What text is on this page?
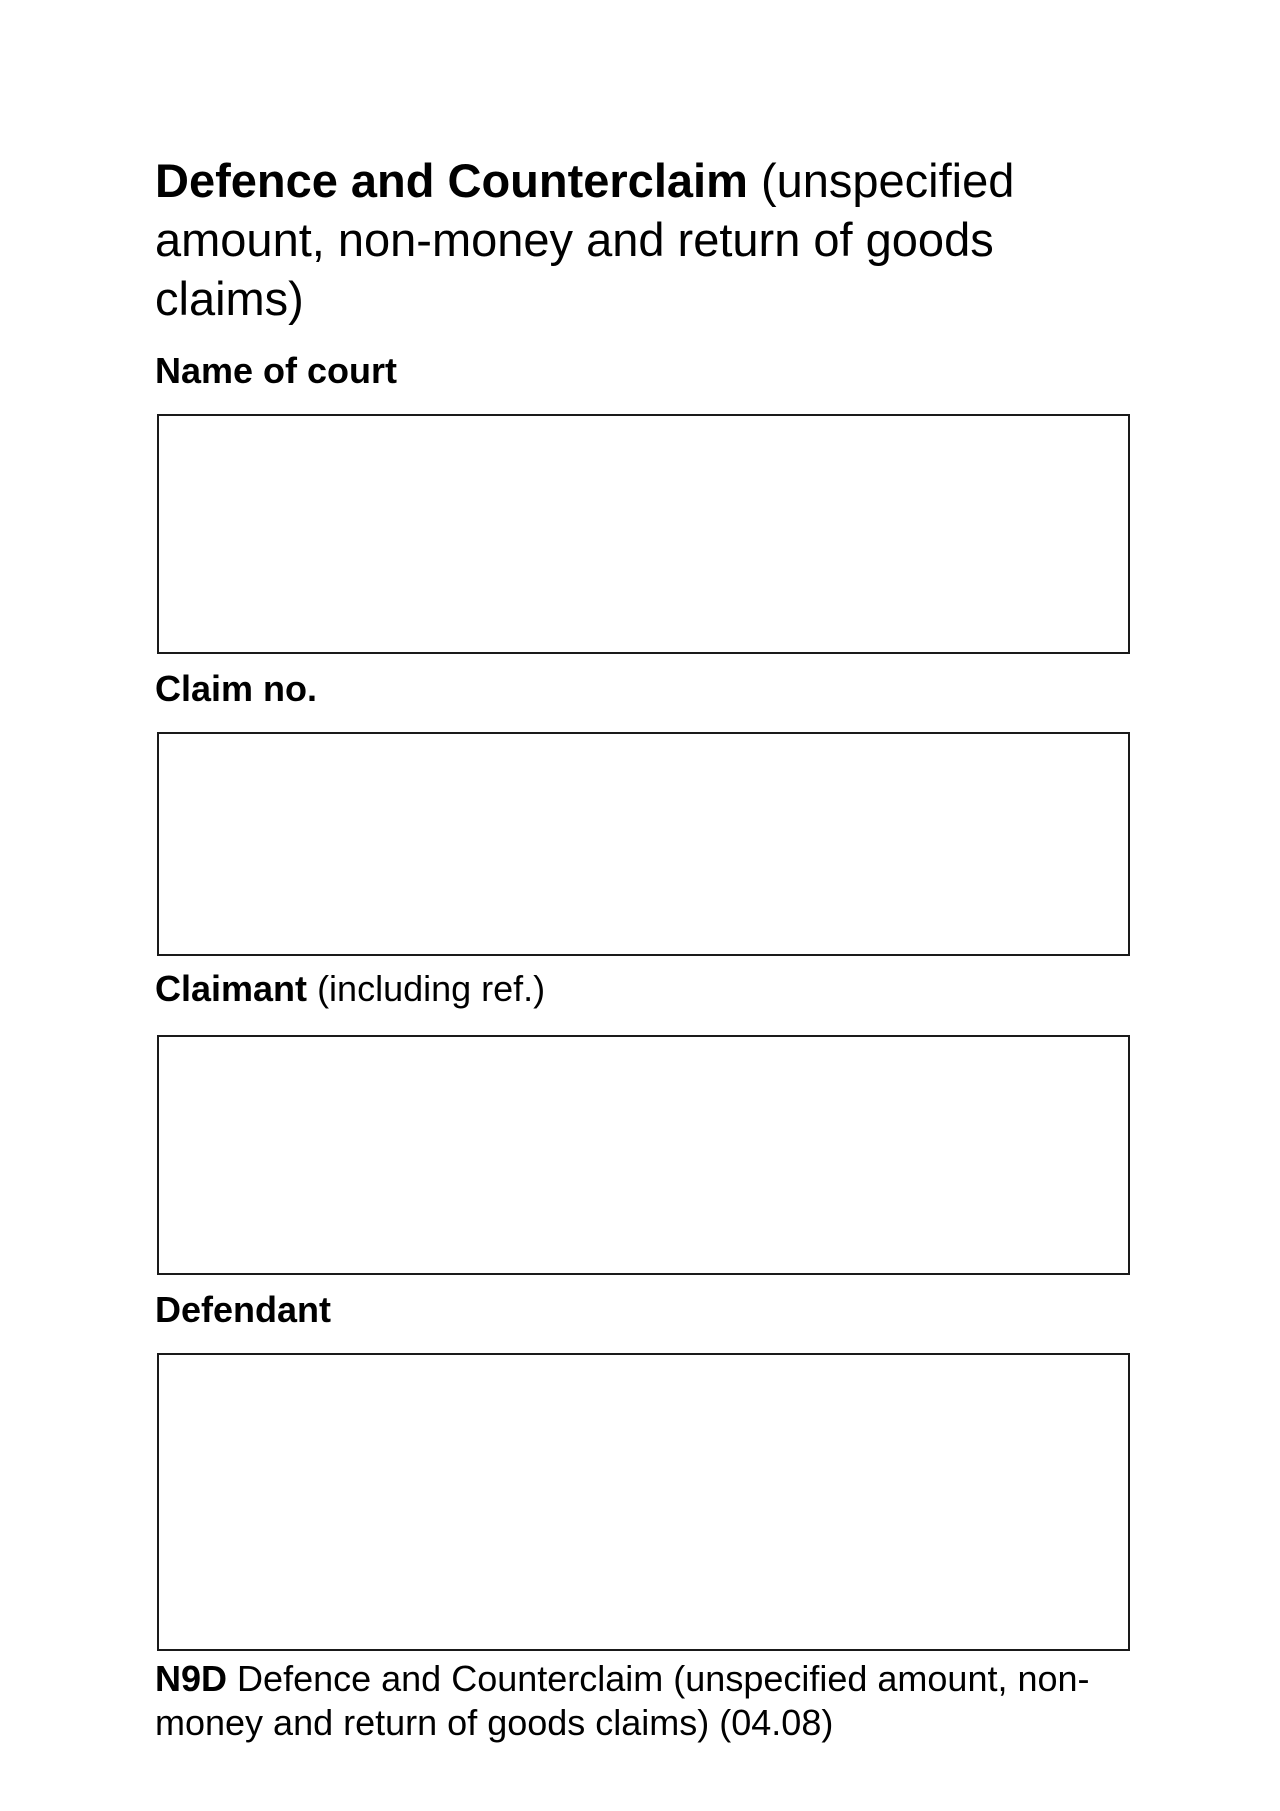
Defence and Counterclaim (unspecified amount, non-money and return of goods claims)
Name of court
Claim no.
Claimant (including ref.)
Defendant

N9D Defence and Counterclaim (unspecified amount, non-money and return of goods claims) (04.08)
